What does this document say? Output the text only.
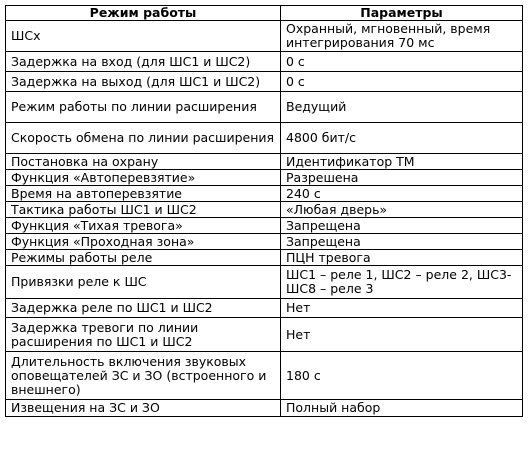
Режим работы	Параметры

ШСх	Охранный, мгновенный, время интегрирования 70 мс

Задержка на вход (для ШС1 и ШС2)	0 с

Задержка на выход (для ШС1 и ШС2)	0 с

Режим работы по линии расширения	Ведущий

Скорость обмена по линии расширения	4800 бит/с

Постановка на охрану	Идентификатор ТМ

Функция «Автоперевзятие»	Разрешена

Время на автоперевзятие	240 с

Тактика работы ШС1 и ШС2	«Любая дверь»

Функция «Тихая тревога»	Запрещена

Функция «Проходная зона»	Запрещена

Режимы работы реле	ПЦН тревога

Привязки реле к ШС	ШС1 – реле 1, ШС2 – реле 2, ШС3-ШС8 – реле 3

Задержка реле по ШС1 и ШС2	Нет

Задержка тревоги по линии расширения по ШС1 и ШС2	Нет

Длительность включения звуковых оповещателей ЗС и ЗО (встроенного и внешнего)	180 с

Извещения на ЗС и ЗО	Полный набор
